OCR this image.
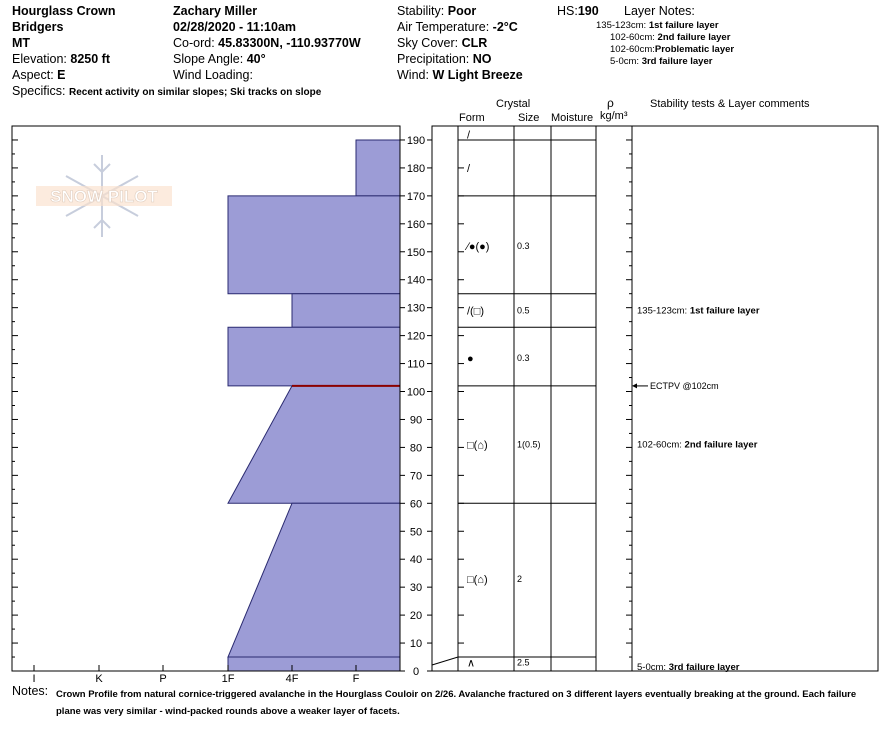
Hourglass Crown
Bridgers
MT
Elevation: 8250 ft
Aspect: E
Zachary Miller
02/28/2020 - 11:10am
Co-ord: 45.83300N, -110.93770W
Slope Angle: 40°
Wind Loading:
Stability: Poor
Air Temperature: -2°C
Sky Cover: CLR
Precipitation: NO
Wind: W Light Breeze
HS:190 Layer Notes:
135-123cm: 1st failure layer
102-60cm: 2nd failure layer
102-60cm:Problematic layer
5-0cm: 3rd failure layer
Specifics: Recent activity on similar slopes; Ski tracks on slope
Crystal
Form	Size Moisture
ρ
kg/m³
Stability tests & Layer comments
SNOW PILOT
0
10
20
30
40
50
60
70
80
90
100
110
120
130
140
150
160
170
180
190
I	K	P	1F	4F	F
/
/
∕●(●)	0.3
/(□)	0.5
●	0.3
□(⌂)	1(0.5)
□(⌂)	2
∧	2.5
135-123cm: 1st failure layer
ECTPV @102cm
102-60cm: 2nd failure layer
5-0cm: 3rd failure layer
Notes: Crown Profile from natural cornice-triggered avalanche in the Hourglass Couloir on 2/26. Avalanche fractured on 3 different layers eventually breaking at the ground. Each failure plane was very similar - wind-packed rounds above a weaker layer of facets.
